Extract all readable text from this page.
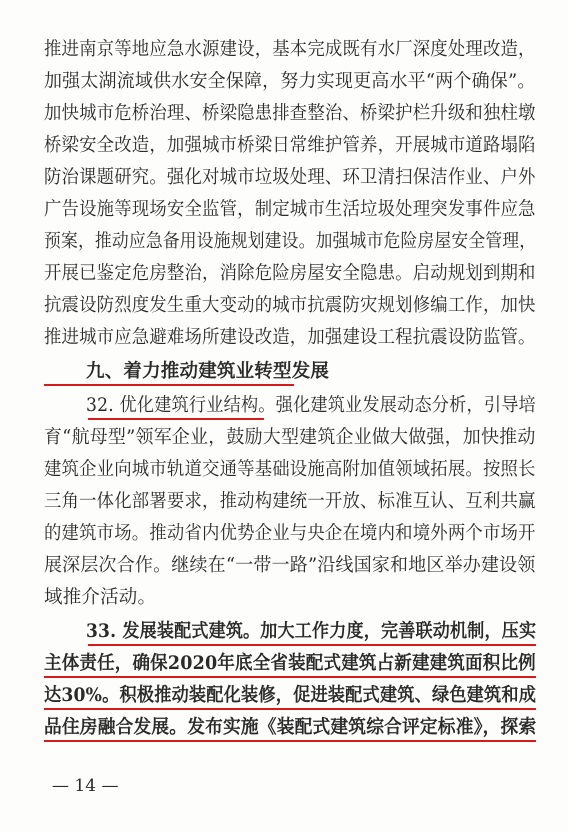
推进南京等地应急水源建设，基本完成既有水厂深度处理改造，
加强太湖流域供水安全保障，努力实现更高水平“两个确保”。
加快城市危桥治理、桥梁隐患排查整治、桥梁护栏升级和独柱墩
桥梁安全改造，加强城市桥梁日常维护管养，开展城市道路塌陷
防治课题研究。强化对城市垃圾处理、环卫清扫保洁作业、户外
广告设施等现场安全监管，制定城市生活垃圾处理突发事件应急
预案，推动应急备用设施规划建设。加强城市危险房屋安全管理，
开展已鉴定危房整治，消除危险房屋安全隐患。启动规划到期和
抗震设防烈度发生重大变动的城市抗震防灾规划修编工作，加快
推进城市应急避难场所建设改造，加强建设工程抗震设防监管。
九、着力推动建筑业转型发展
32. 优化建筑行业结构。强化建筑业发展动态分析，引导培
育“航母型”领军企业，鼓励大型建筑企业做大做强，加快推动
建筑企业向城市轨道交通等基础设施高附加值领域拓展。按照长
三角一体化部署要求，推动构建统一开放、标准互认、互利共赢
的建筑市场。推动省内优势企业与央企在境内和境外两个市场开
展深层次合作。继续在“一带一路”沿线国家和地区举办建设领
域推介活动。
33. 发展装配式建筑。加大工作力度，完善联动机制，压实
主体责任，确保2020年底全省装配式建筑占新建建筑面积比例
达30%。积极推动装配化装修，促进装配式建筑、绿色建筑和成
品住房融合发展。发布实施《装配式建筑综合评定标准》，探索
— 14 —
